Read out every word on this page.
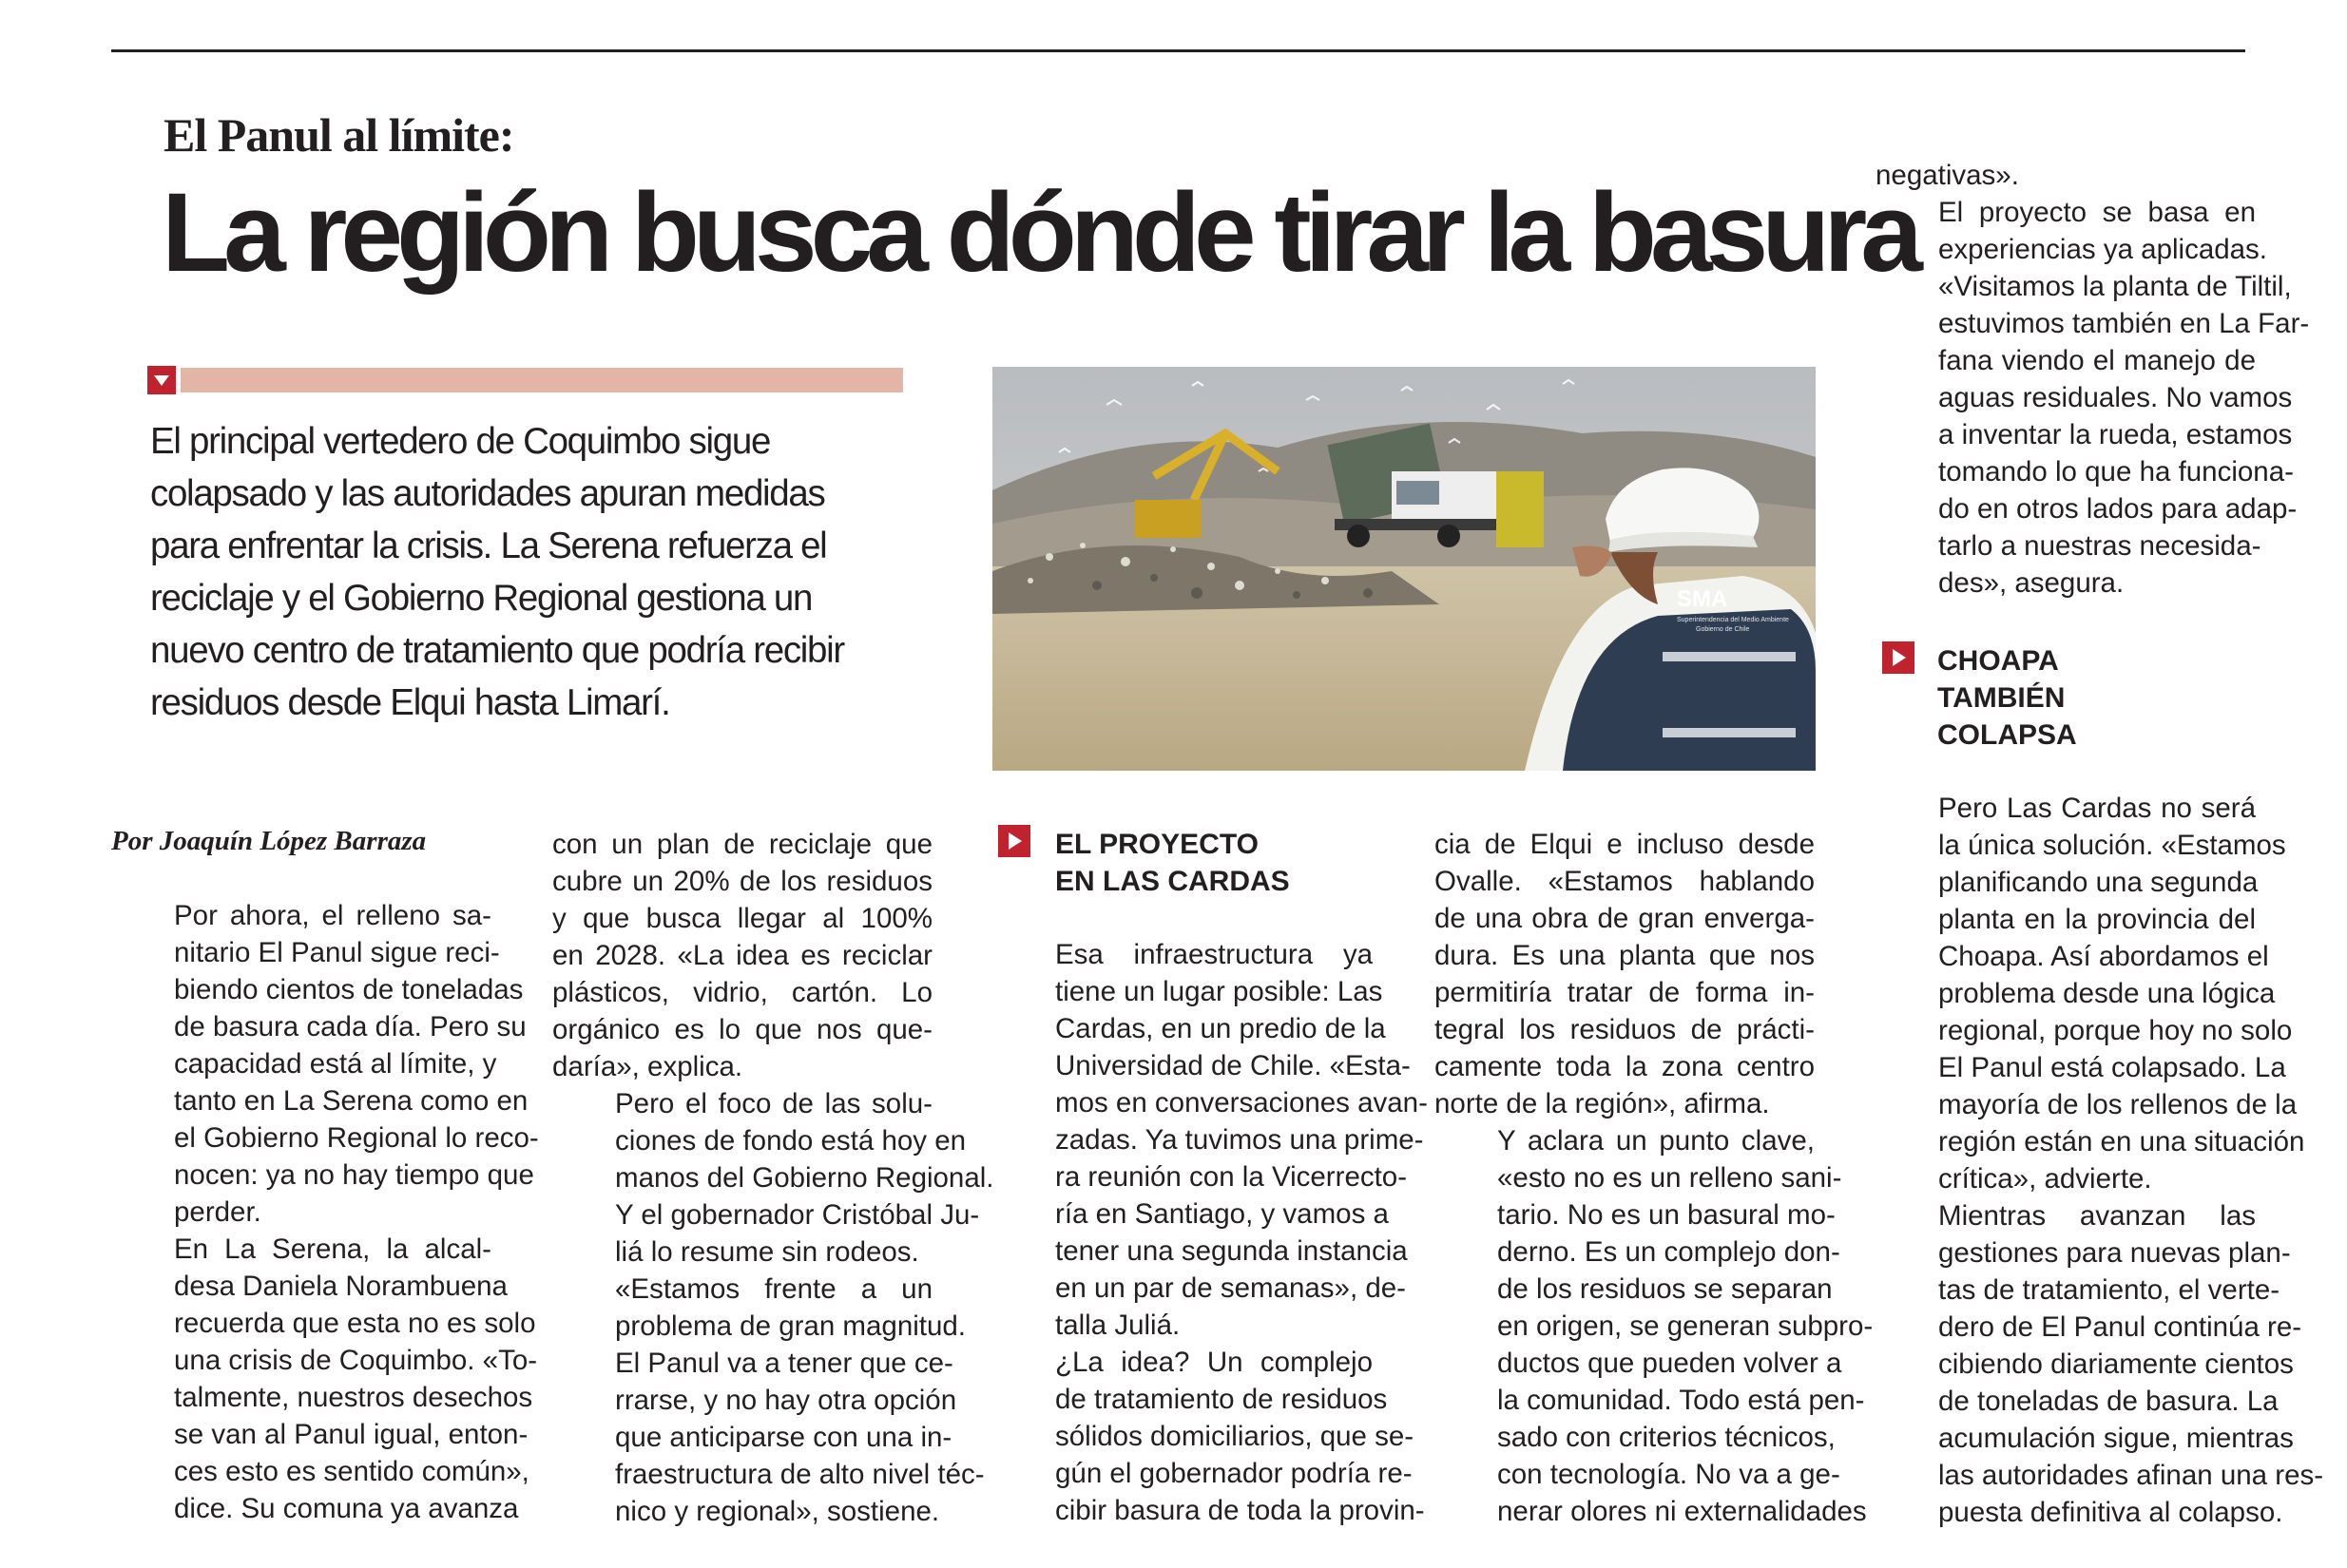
El Panul al límite:
La región busca dónde tirar la basura
El principal vertedero de Coquimbo sigue
colapsado y las autoridades apuran medidas
para enfrentar la crisis. La Serena refuerza el
reciclaje y el Gobierno Regional gestiona un
nuevo centro de tratamiento que podría recibir
residuos desde Elqui hasta Limarí.
SMA
Superintendencia del Medio Ambiente
Gobierno de Chile
Por Joaquín López Barraza

Por ahora, el relleno sa-
nitario El Panul sigue reci-
biendo cientos de toneladas
de basura cada día. Pero su
capacidad está al límite, y
tanto en La Serena como en
el Gobierno Regional lo reco-
nocen: ya no hay tiempo que
perder.

En La Serena, la alcal-
desa Daniela Norambuena
recuerda que esta no es solo
una crisis de Coquimbo. «To-
talmente, nuestros desechos
se van al Panul igual, enton-
ces esto es sentido común»,
dice. Su comuna ya avanza

con un plan de reciclaje que
cubre un 20% de los residuos
y que busca llegar al 100%
en 2028. «La idea es reciclar
plásticos, vidrio, cartón. Lo
orgánico es lo que nos que-
daría», explica.

Pero el foco de las solu-
ciones de fondo está hoy en
manos del Gobierno Regional.
Y el gobernador Cristóbal Ju-
liá lo resume sin rodeos.

«Estamos frente a un
problema de gran magnitud.
El Panul va a tener que ce-
rrarse, y no hay otra opción
que anticiparse con una in-
fraestructura de alto nivel téc-
nico y regional», sostiene.

EL PROYECTO
EN LAS CARDAS

Esa infraestructura ya
tiene un lugar posible: Las
Cardas, en un predio de la
Universidad de Chile. «Esta-
mos en conversaciones avan-
zadas. Ya tuvimos una prime-
ra reunión con la Vicerrecto-
ría en Santiago, y vamos a
tener una segunda instancia
en un par de semanas», de-
talla Juliá.

¿La idea? Un complejo
de tratamiento de residuos
sólidos domiciliarios, que se-
gún el gobernador podría re-
cibir basura de toda la provin-

cia de Elqui e incluso desde
Ovalle. «Estamos hablando
de una obra de gran envergа-
dura. Es una planta que nos
permitiría tratar de forma in-
tegral los residuos de prácti-
camente toda la zona centro
norte de la región», afirma.

Y aclara un punto clave,
«esto no es un relleno sani-
tario. No es un basural mo-
derno. Es un complejo don-
de los residuos se separan
en origen, se generan subpro-
ductos que pueden volver a
la comunidad. Todo está pen-
sado con criterios técnicos,
con tecnología. No va a ge-
nerar olores ni externalidades

negativas».

El proyecto se basa en
experiencias ya aplicadas.
«Visitamos la planta de Tiltil,
estuvimos también en La Far-
fana viendo el manejo de
aguas residuales. No vamos
a inventar la rueda, estamos
tomando lo que ha funciona-
do en otros lados para adap-
tarlo a nuestras necesida-
des», asegura.

CHOAPA
TAMBIÉN
COLAPSA

Pero Las Cardas no será
la única solución. «Estamos
planificando una segunda
planta en la provincia del
Choapa. Así abordamos el
problema desde una lógica
regional, porque hoy no solo
El Panul está colapsado. La
mayoría de los rellenos de la
región están en una situación
crítica», advierte.

Mientras avanzan las
gestiones para nuevas plan-
tas de tratamiento, el verte-
dero de El Panul continúa re-
cibiendo diariamente cientos
de toneladas de basura. La
acumulación sigue, mientras
las autoridades afinan una res-
puesta definitiva al colapso.
